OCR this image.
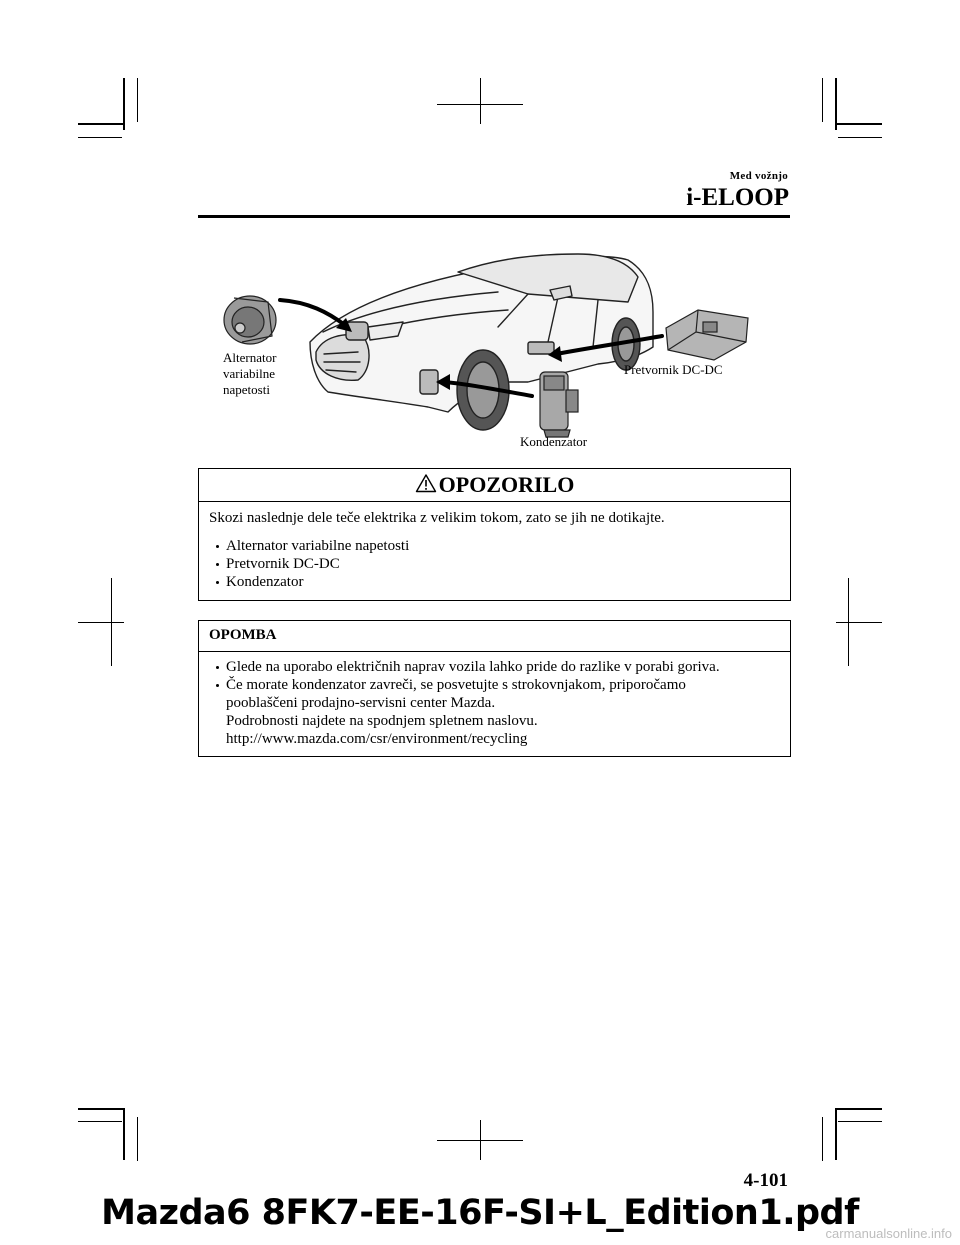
Med vožnjo
i-ELOOP
Alternator
variabilne
napetosti
Pretvornik DC-DC
Kondenzator
OPOZORILO
Skozi naslednje dele teče elektrika z velikim tokom, zato se jih ne dotikajte.
Alternator variabilne napetosti
Pretvornik DC-DC
Kondenzator
OPOMBA
Glede na uporabo električnih naprav vozila lahko pride do razlike v porabi goriva.
Če morate kondenzator zavreči, se posvetujte s strokovnjakom, priporočamo
pooblaščeni prodajno-servisni center Mazda.
Podrobnosti najdete na spodnjem spletnem naslovu.
http://www.mazda.com/csr/environment/recycling
4-101
Mazda6 8FK7-EE-16F-SI+L_Edition1.pdf
carmanualsonline.info
